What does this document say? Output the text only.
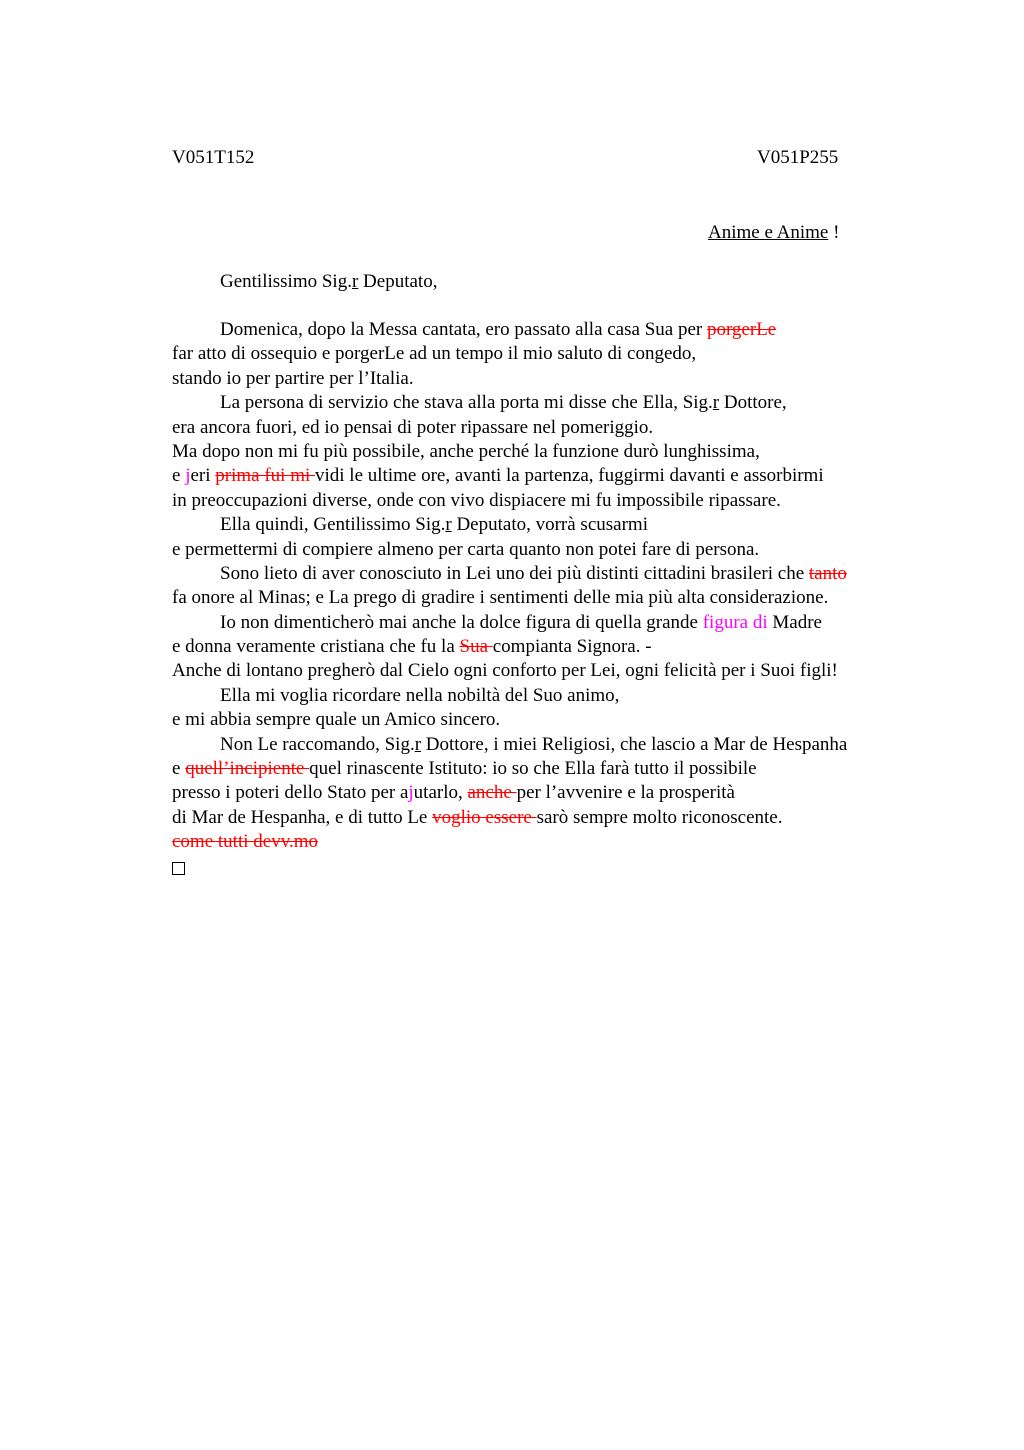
V051T152	V051P255
Anime e Anime !
Gentilissimo Sig.r Deputato,
Domenica, dopo la Messa cantata, ero passato alla casa Sua per porgerLe
far atto di ossequio e porgerLe ad un tempo il mio saluto di congedo,
stando io per partire per l’Italia.
La persona di servizio che stava alla porta mi disse che Ella, Sig.r Dottore,
era ancora fuori, ed io pensai di poter ripassare nel pomeriggio.
Ma dopo non mi fu più possibile, anche perché la funzione durò lunghissima,
e jeri prima fui mi vidi le ultime ore, avanti la partenza, fuggirmi davanti e assorbirmi
in preoccupazioni diverse, onde con vivo dispiacere mi fu impossibile ripassare.
Ella quindi, Gentilissimo Sig.r Deputato, vorrà scusarmi
e permettermi di compiere almeno per carta quanto non potei fare di persona.
Sono lieto di aver conosciuto in Lei uno dei più distinti cittadini brasileri che tanto
fa onore al Minas; e La prego di gradire i sentimenti delle mia più alta considerazione.
Io non dimenticherò mai anche la dolce figura di quella grande figura di Madre
e donna veramente cristiana che fu la Sua compianta Signora. -
Anche di lontano pregherò dal Cielo ogni conforto per Lei, ogni felicità per i Suoi figli!
Ella mi voglia ricordare nella nobiltà del Suo animo,
e mi abbia sempre quale un Amico sincero.
Non Le raccomando, Sig.r Dottore, i miei Religiosi, che lascio a Mar de Hespanha
e quell’incipiente quel rinascente Istituto: io so che Ella farà tutto il possibile
presso i poteri dello Stato per ajutarlo, anche per l’avvenire e la prosperità
di Mar de Hespanha, e di tutto Le voglio essere sarò sempre molto riconoscente.
come tutti devv.mo
